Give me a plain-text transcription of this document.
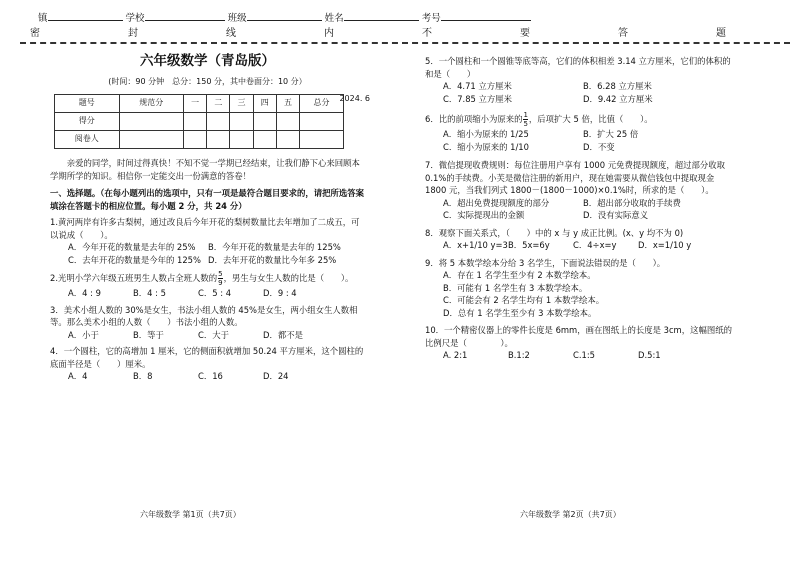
镇	学校	班级	姓名	考号
密	封	线	内	不	要	答	题
六年级数学（青岛版）
2024. 6
(时间：90 分钟　总分：150 分，其中卷面分：10 分）
题号	规范分	一	二	三	四	五	总分
得分							
阅卷人							

亲爱的同学，时间过得真快！不知不觉一学期已经结束，让我们静下心来回顾本学期所学的知识。相信你一定能交出一份满意的答卷！

一、选择题。（在每小题列出的选项中，只有一项是最符合题目要求的，请把所选答案填涂在答题卡的相应位置。每小题 2 分，共 24 分）

1.黄河两岸有许多古梨树，通过改良后今年开花的梨树数量比去年增加了二成五，可以说成（　　）。

A．今年开花的数量是去年的 25%	B．今年开花的数量是去年的 125%
C．去年开花的数量是今年的 125% D．去年开花的数量比今年多 25%

2.光明小学六年级五班男生人数占全班人数的 $\frac{5}{9}$ ，男生与女生人数的比是（　　）。

A．4 : 9	B．4 : 5	C．5 : 4	D．9 : 4

3．美术小组人数的 30%是女生，书法小组人数的 45%是女生，两小组女生人数相等。那么美术小组的人数（　　）书法小组的人数。

A．小于	B．等于	C．大于	D．都不是

4．一个圆柱，它的高增加 1 厘米，它的侧面积就增加 50.24 平方厘米，这个圆柱的底面半径是（　　）厘米。

A．4	B．8	C．16	D．24

5．一个圆柱和一个圆锥等底等高，它们的体积相差 3.14 立方厘米，它们的体积的和是（　　）

A．4.71 立方厘米	B．6.28 立方厘米
C．7.85 立方厘米	D．9.42 立方厘米

6．比的前项缩小为原来的 $\frac{1}{5}$ ，后项扩大 5 倍，比值（　　）。

A．缩小为原来的 1/25	B．扩大 25 倍
C．缩小为原来的 1/10	D．不变

7．微信提现收费规则：每位注册用户享有 1000 元免费提现额度，超过部分收取 0.1%的手续费。小芙是微信注册的新用户，现在她需要从微信钱包中提取现金 1800 元，当我们列式 1800－(1800－1000)×0.1%时，所求的是（　　）。

A．超出免费提现额度的部分	B．超出部分收取的手续费
C．实际提现出的金额	D．没有实际意义

8．观察下面关系式，（　　）中的 x 与 y 成正比例。(x、y 均不为 0)

A．x+1/10 y=3 B．5x=6y	C．4÷x=y	D．x=1/10 y

9．将 5 本数学绘本分给 3 名学生，下面说法错误的是（　　）。

A．存在 1 名学生至少有 2 本数学绘本。
B．可能有 1 名学生有 3 本数学绘本。
C．可能会有 2 名学生均有 1 本数学绘本。
D．总有 1 名学生至少有 3 本数学绘本。

10．一个精密仪器上的零件长度是 6mm，画在图纸上的长度是 3cm，这幅图纸的比例尺是（　　　　）。

A. 2:1	B.1:2	C.1:5	D.5:1
六年级数学 第1页（共7页）	六年级数学 第2页（共7页）
